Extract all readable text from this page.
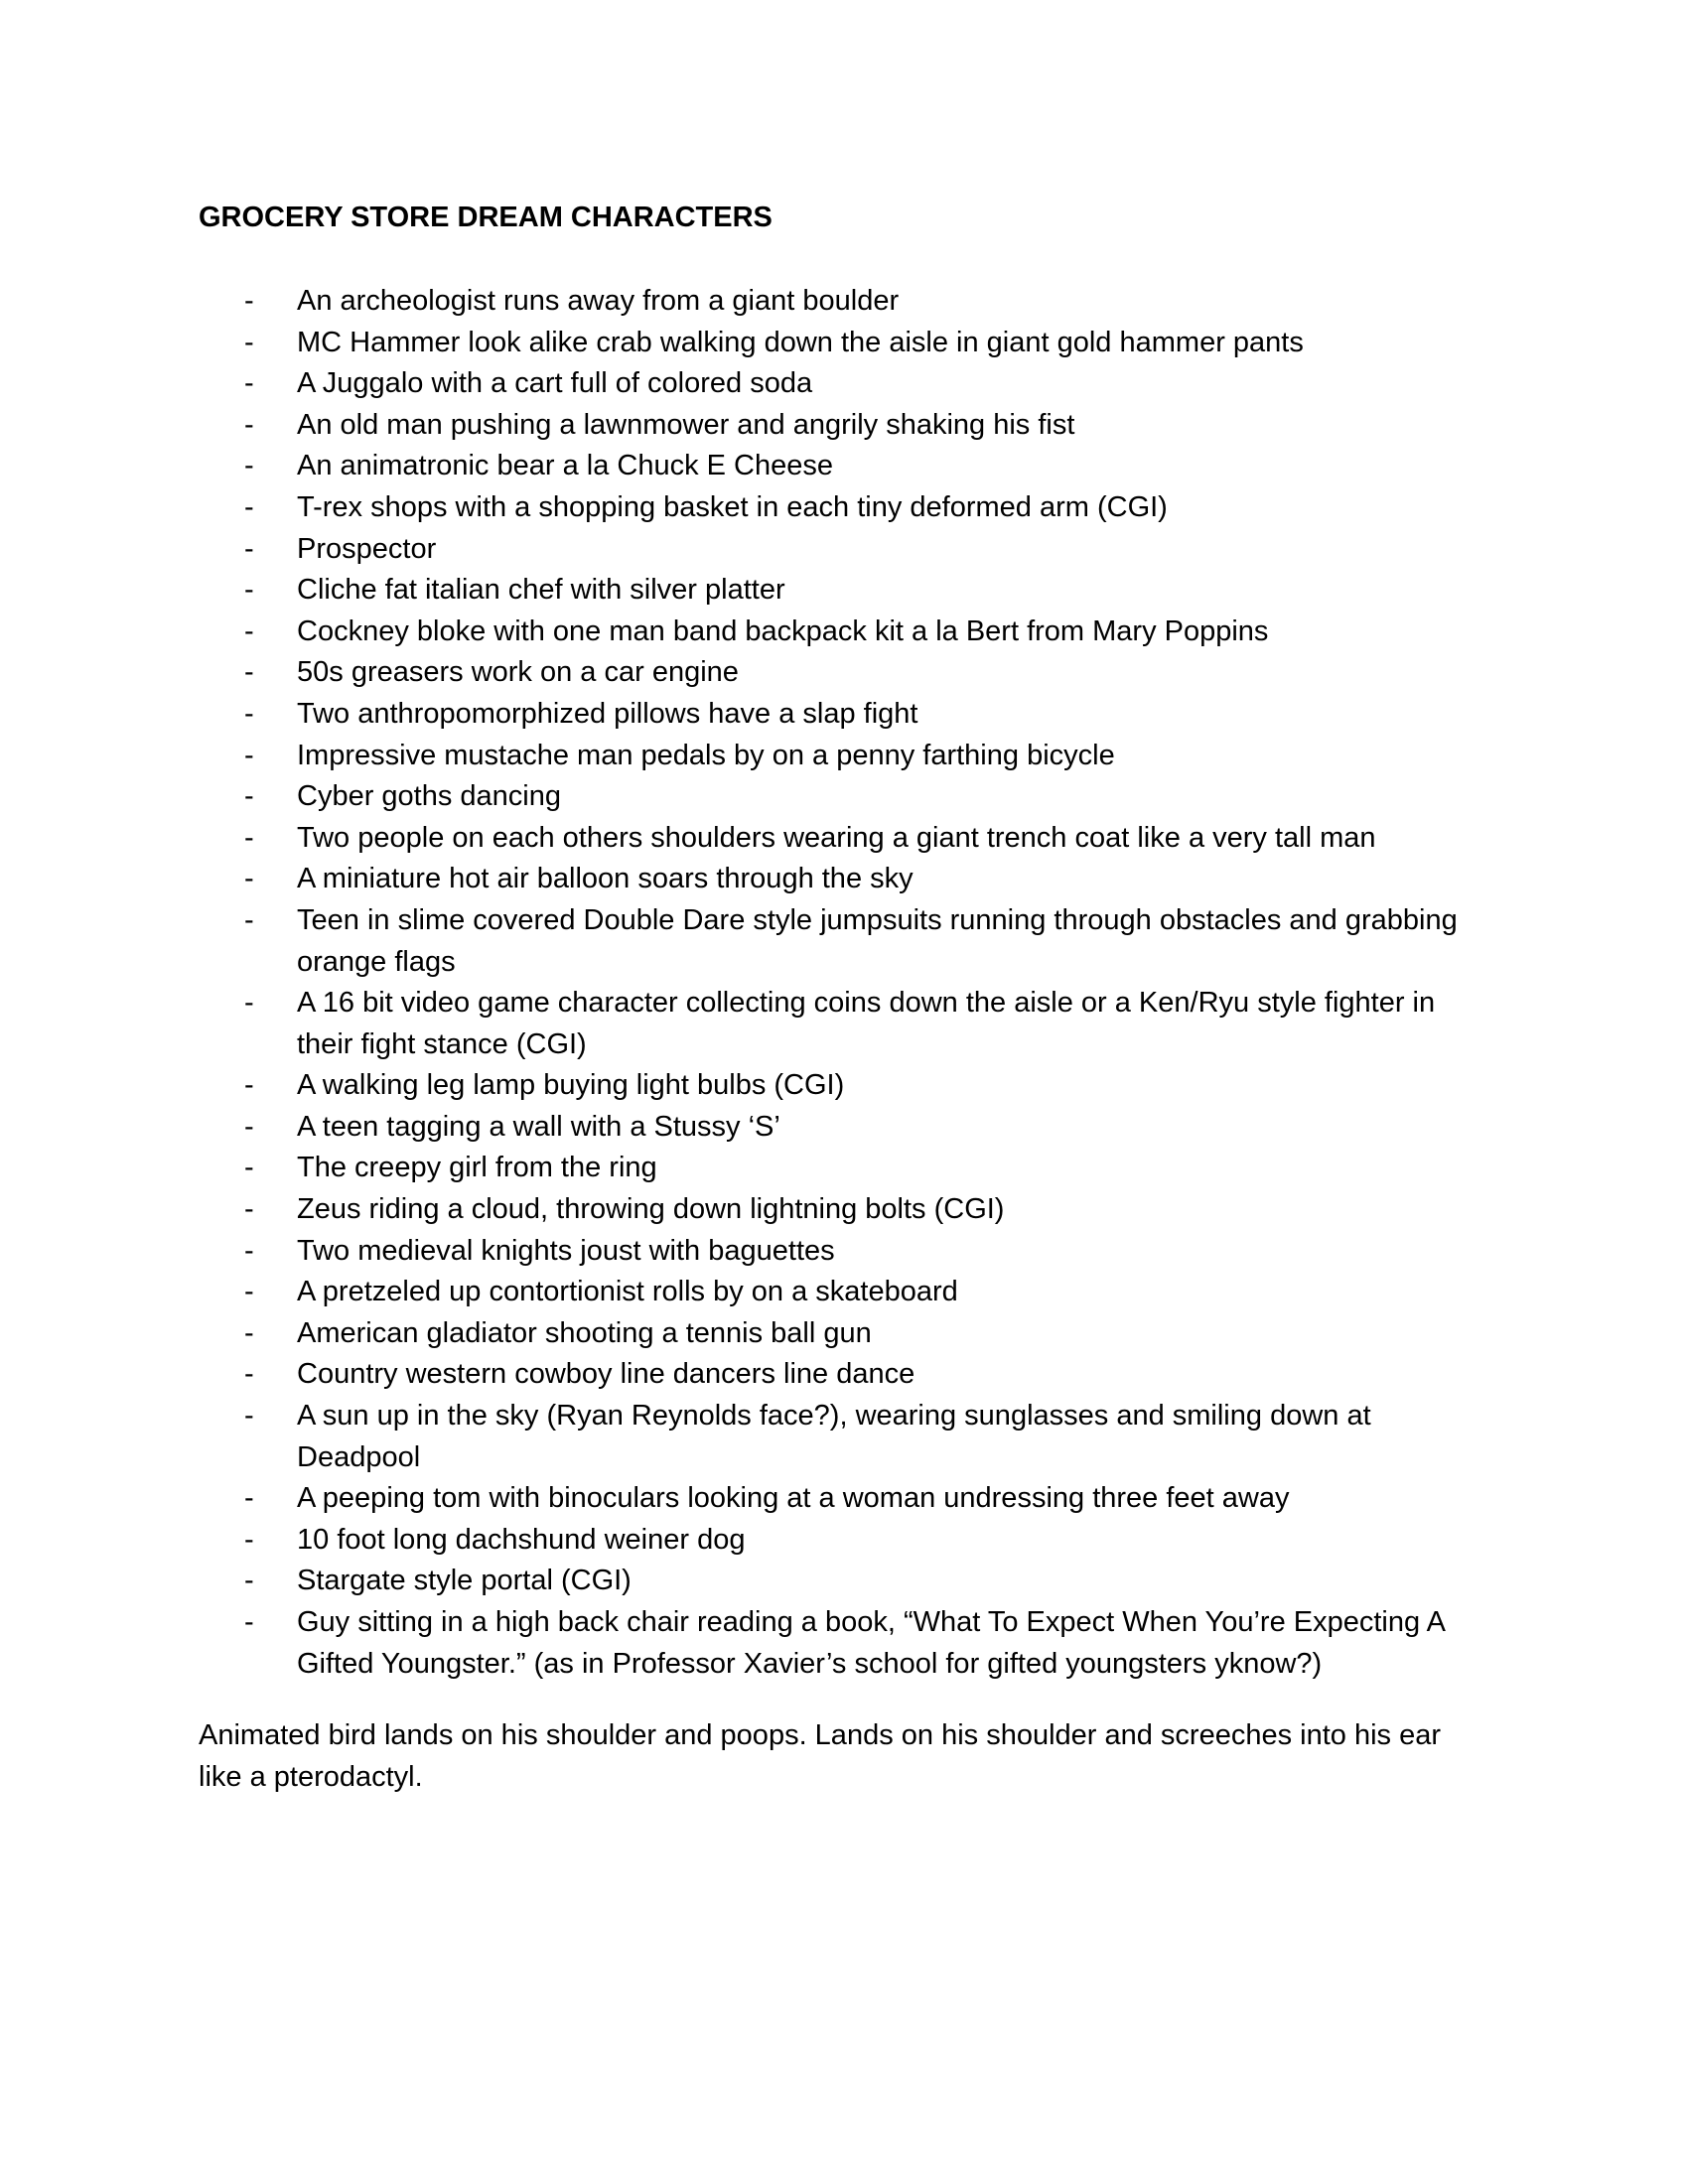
GROCERY STORE DREAM CHARACTERS
- An archeologist runs away from a giant boulder
- MC Hammer look alike crab walking down the aisle in giant gold hammer pants
- A Juggalo with a cart full of colored soda
- An old man pushing a lawnmower and angrily shaking his fist
- An animatronic bear a la Chuck E Cheese
- T-rex shops with a shopping basket in each tiny deformed arm (CGI)
- Prospector
- Cliche fat italian chef with silver platter
- Cockney bloke with one man band backpack kit a la Bert from Mary Poppins
- 50s greasers work on a car engine
- Two anthropomorphized pillows have a slap fight
- Impressive mustache man pedals by on a penny farthing bicycle
- Cyber goths dancing
- Two people on each others shoulders wearing a giant trench coat like a very tall man
- A miniature hot air balloon soars through the sky
- Teen in slime covered Double Dare style jumpsuits running through obstacles and grabbing orange flags
- A 16 bit video game character collecting coins down the aisle or a Ken/Ryu style fighter in their fight stance (CGI)
- A walking leg lamp buying light bulbs (CGI)
- A teen tagging a wall with a Stussy ‘S’
- The creepy girl from the ring
- Zeus riding a cloud, throwing down lightning bolts (CGI)
- Two medieval knights joust with baguettes
- A pretzeled up contortionist rolls by on a skateboard
- American gladiator shooting a tennis ball gun
- Country western cowboy line dancers line dance
- A sun up in the sky (Ryan Reynolds face?), wearing sunglasses and smiling down at Deadpool
- A peeping tom with binoculars looking at a woman undressing three feet away
- 10 foot long dachshund weiner dog
- Stargate style portal (CGI)
- Guy sitting in a high back chair reading a book, “What To Expect When You’re Expecting A Gifted Youngster.” (as in Professor Xavier’s school for gifted youngsters yknow?)

Animated bird lands on his shoulder and poops. Lands on his shoulder and screeches into his ear like a pterodactyl.
